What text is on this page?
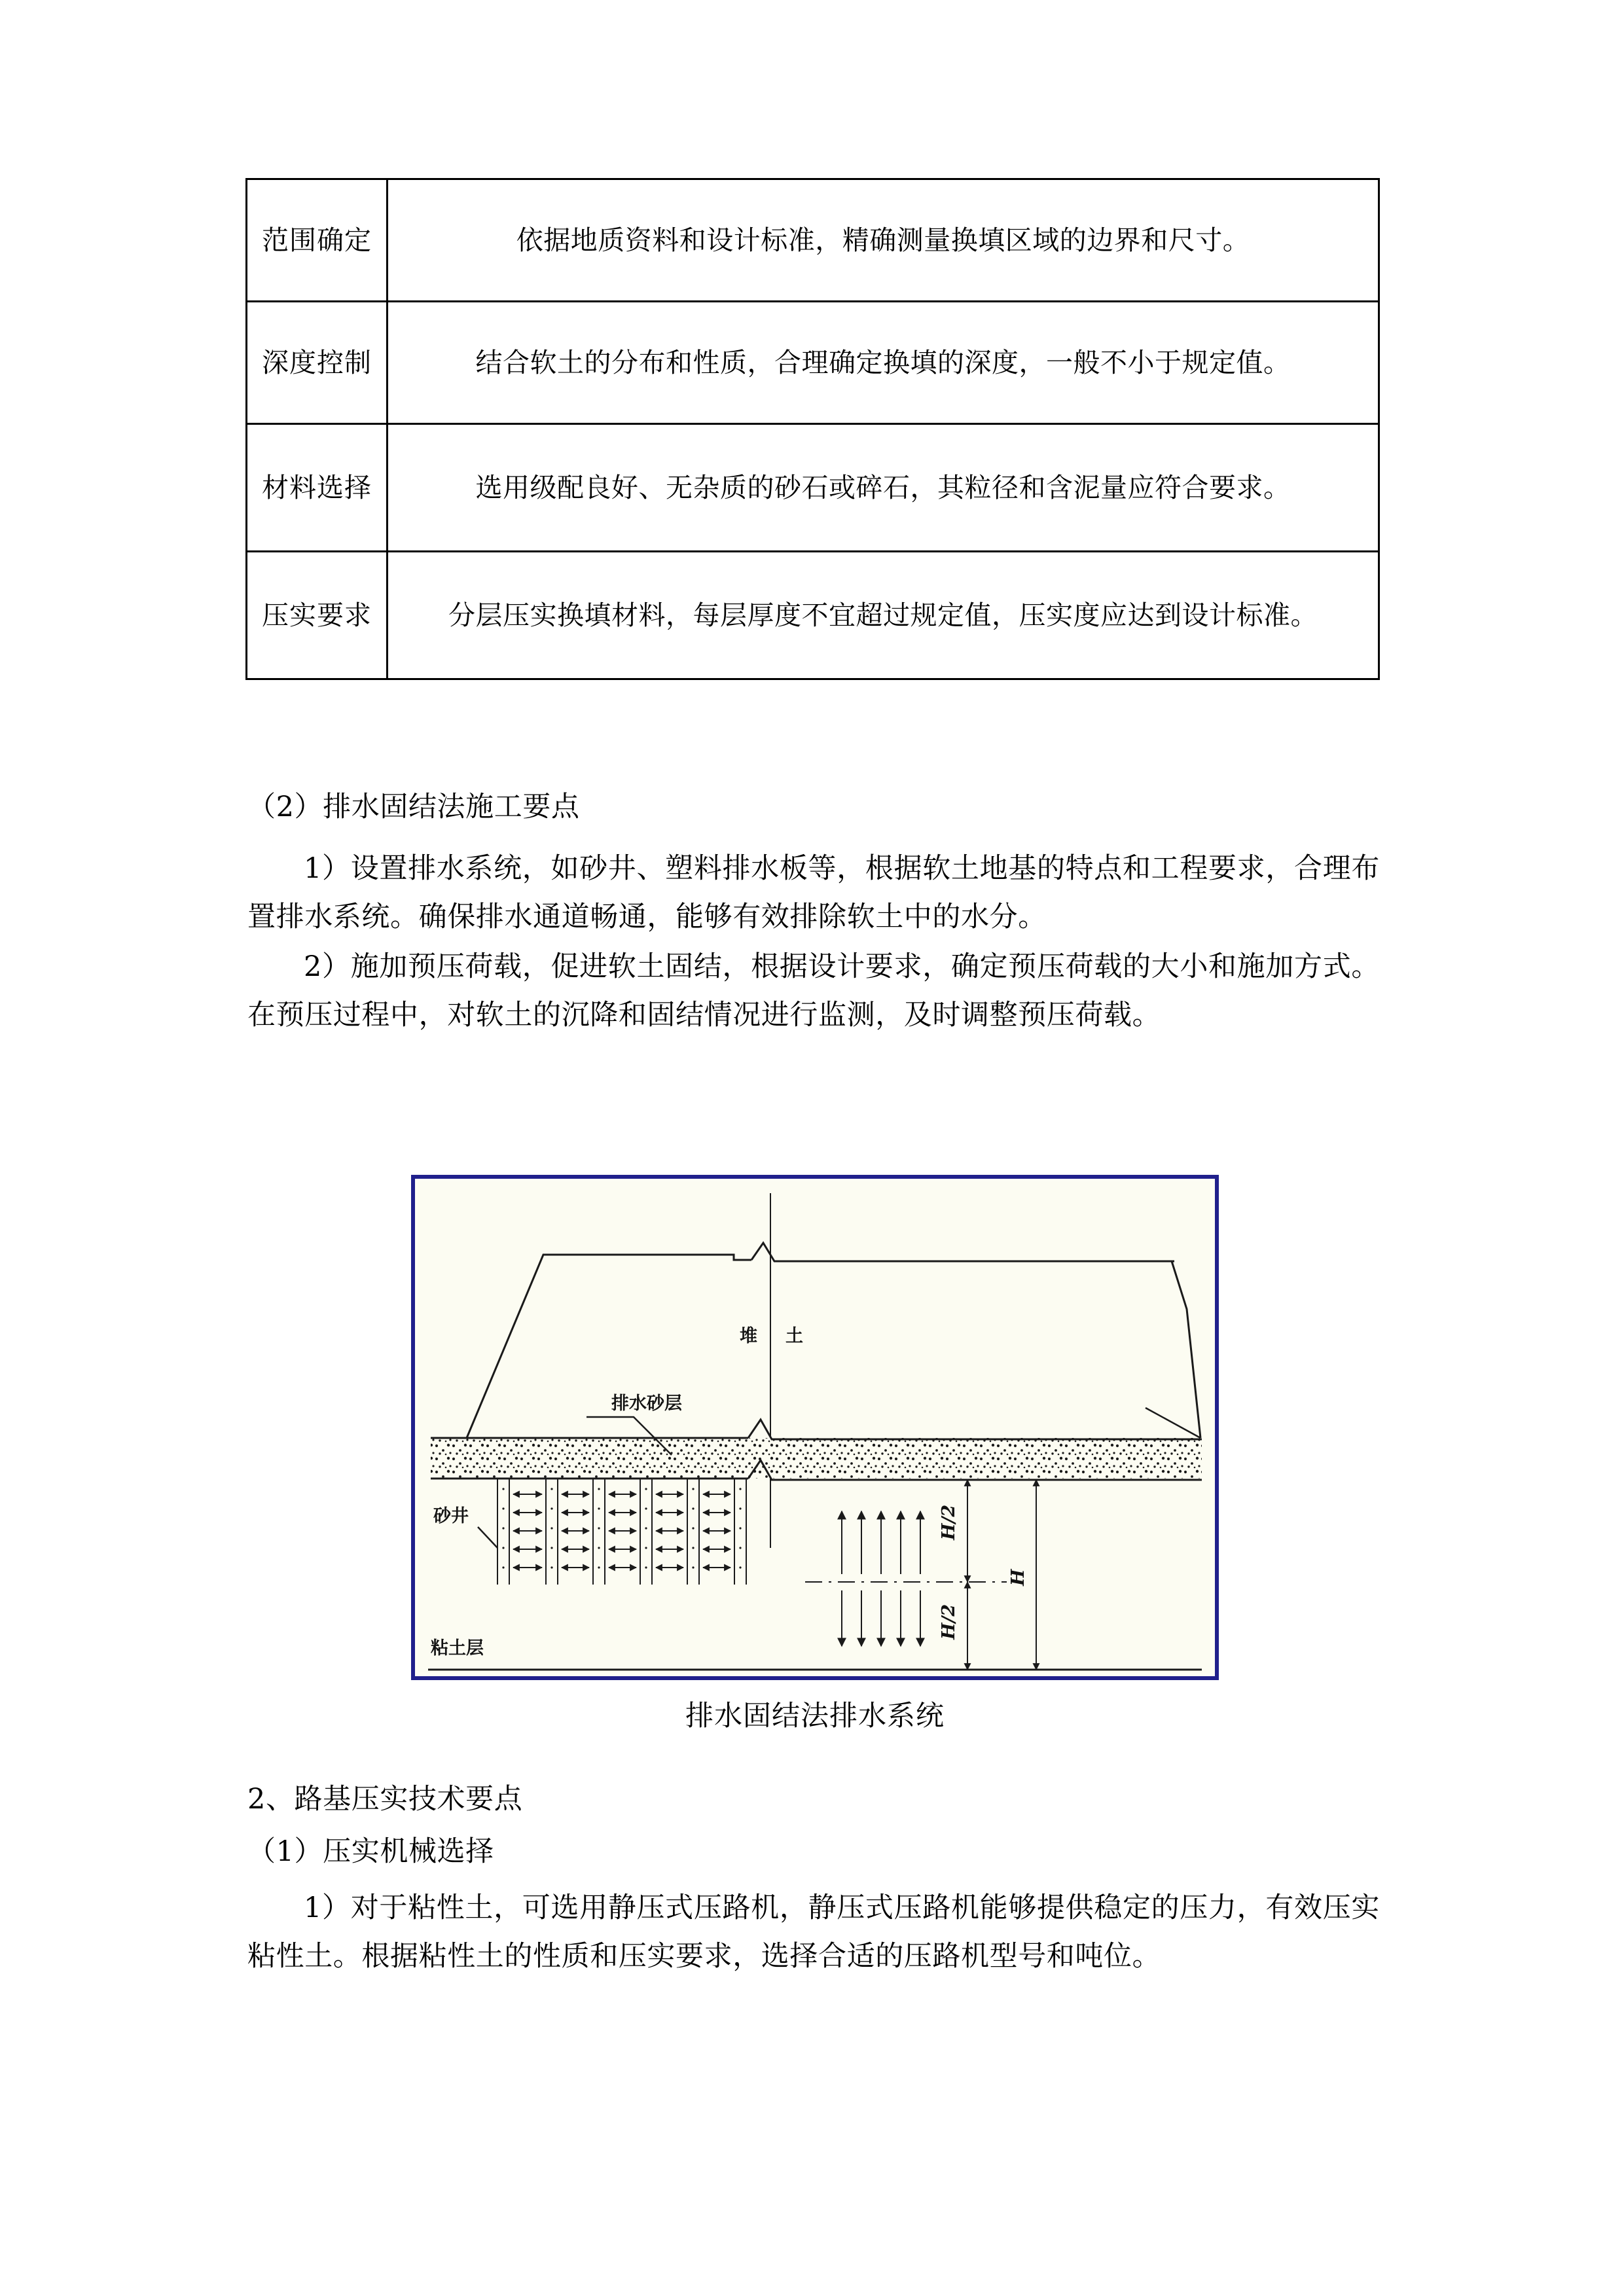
范围确定	依据地质资料和设计标准，精确测量换填区域的边界和尺寸。
深度控制	结合软土的分布和性质，合理确定换填的深度，一般不小于规定值。
材料选择	选用级配良好、无杂质的砂石或碎石，其粒径和含泥量应符合要求。
压实要求	分层压实换填材料，每层厚度不宜超过规定值，压实度应达到设计标准。
（2）排水固结法施工要点
1）设置排水系统，如砂井、塑料排水板等，根据软土地基的特点和工程要求，合理布置排水系统。确保排水通道畅通，能够有效排除软土中的水分。
2）施加预压荷载，促进软土固结，根据设计要求，确定预压荷载的大小和施加方式。在预压过程中，对软土的沉降和固结情况进行监测，及时调整预压荷载。
排水砂层
堆 土
砂井
粘土层
H/2
H/2
H
排水固结法排水系统
2、路基压实技术要点
（1）压实机械选择
1）对于粘性土，可选用静压式压路机，静压式压路机能够提供稳定的压力，有效压实粘性土。根据粘性土的性质和压实要求，选择合适的压路机型号和吨位。
